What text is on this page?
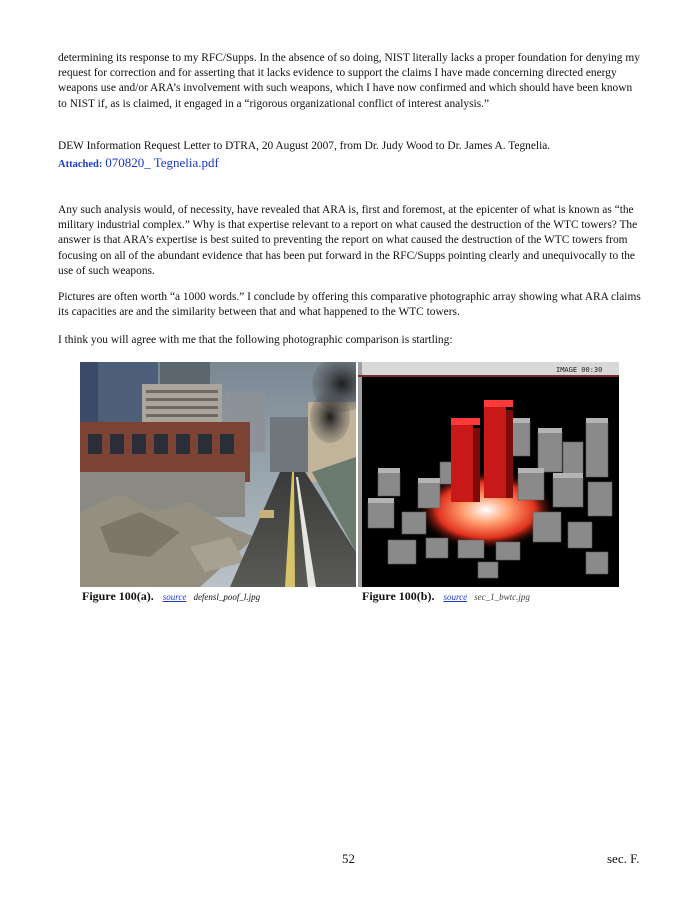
determining its response to my RFC/Supps. In the absence of so doing, NIST literally lacks a proper foundation for denying my request for correction and for asserting that it lacks evidence to support the claims I have made concerning directed energy weapons use and/or ARA’s involvement with such weapons, which I have now confirmed and which should have been known to NIST if, as is claimed, it engaged in a “rigorous organizational conflict of interest analysis.”

DEW Information Request Letter to DTRA, 20 August 2007, from Dr. Judy Wood to Dr. James A. Tegnelia.
Attached: 070820_ Tegnelia.pdf

Any such analysis would, of necessity, have revealed that ARA is, first and foremost, at the epicenter of what is known as “the military industrial complex.” Why is that expertise relevant to a report on what caused the destruction of the WTC towers? The answer is that ARA’s expertise is best suited to preventing the report on what caused the destruction of the WTC towers from focusing on all of the abundant evidence that has been put forward in the RFC/Supps pointing clearly and unequivocally to the use of such weapons.

Pictures are often worth “a 1000 words.” I conclude by offering this comparative photographic array showing what ARA claims its capacities are and the similarity between that and what happened to the WTC towers.

I think you will agree with me that the following photographic comparison is startling:

IMAGE 00:30
Figure 100(a). source defensl_poof_l.jpg	Figure 100(b). source sec_1_bwtc.jpg
52	sec. F.
